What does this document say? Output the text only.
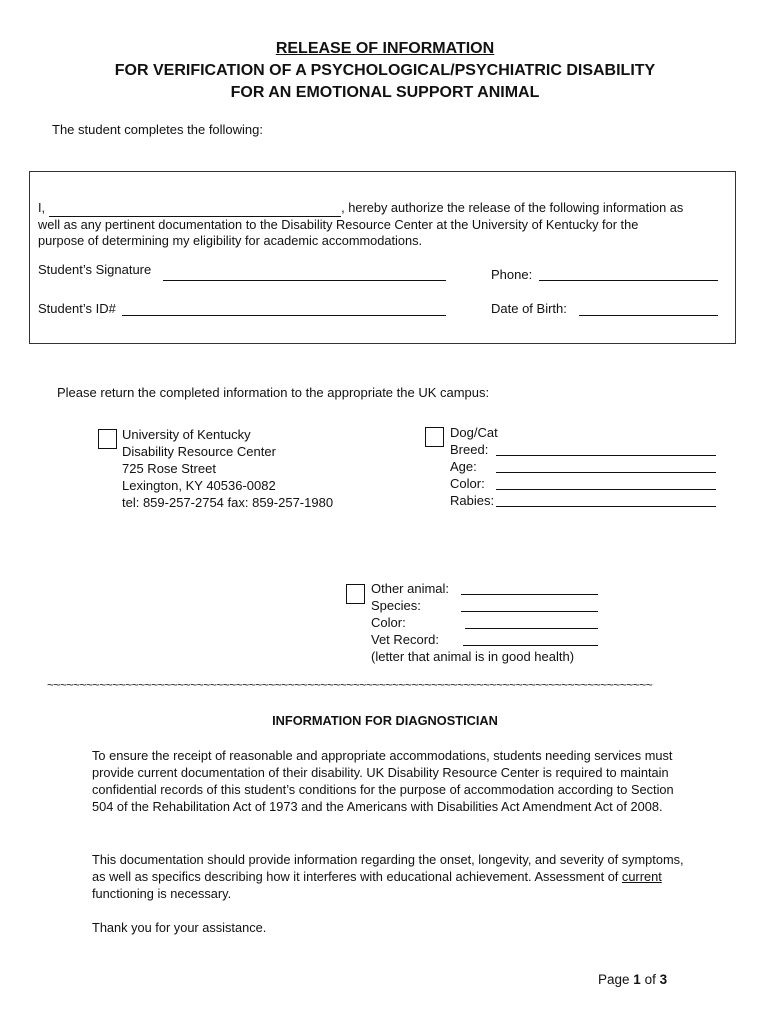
RELEASE OF INFORMATION
FOR VERIFICATION OF A PSYCHOLOGICAL/PSYCHIATRIC DISABILITY
FOR AN EMOTIONAL SUPPORT ANIMAL
The student completes the following:
I,	, hereby authorize the release of the following information as
well as any pertinent documentation to the Disability Resource Center at the University of Kentucky for the
purpose of determining my eligibility for academic accommodations.
Student’s Signature	Phone:
Student’s ID#	Date of Birth:
Please return the completed information to the appropriate the UK campus:
University of Kentucky
Disability Resource Center
725 Rose Street
Lexington, KY 40536-0082
tel: 859-257-2754 fax: 859-257-1980
Dog/Cat
Breed:
Age:
Color:
Rabies:
Other animal:
Species:
Color:
Vet Record:
(letter that animal is in good health)
~~~~~~~~~~~~~~~~~~~~~~~~~~~~~~~~~~~~~~~~~~~~~~~~~~~~~~~~~~~~~~~~~~~~~~~~~~~~~~~~~~~~~~~~~~~~~
INFORMATION FOR DIAGNOSTICIAN
To ensure the receipt of reasonable and appropriate accommodations, students needing services must provide current documentation of their disability. UK Disability Resource Center is required to maintain confidential records of this student’s conditions for the purpose of accommodation according to Section 504 of the Rehabilitation Act of 1973 and the Americans with Disabilities Act Amendment Act of 2008.
This documentation should provide information regarding the onset, longevity, and severity of symptoms, as well as specifics describing how it interferes with educational achievement. Assessment of current functioning is necessary.
Thank you for your assistance.
Page 1 of 3
